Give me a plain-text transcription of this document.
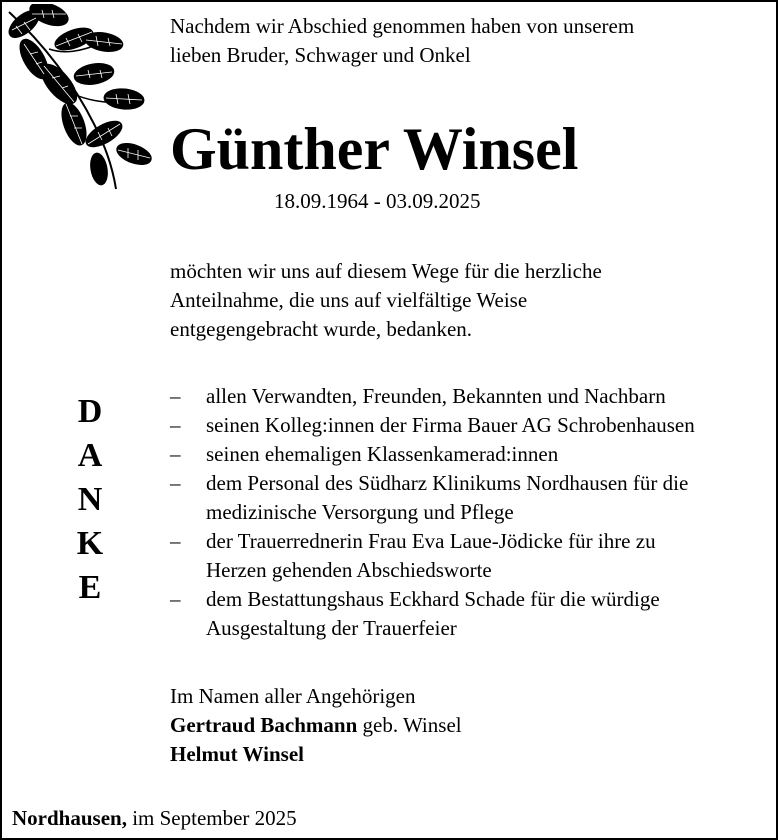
Nachdem wir Abschied genommen haben von unserem
lieben Bruder, Schwager und Onkel
Günther Winsel
18.09.1964 - 03.09.2025
möchten wir uns auf diesem Wege für die herzliche
Anteilnahme, die uns auf vielfältige Weise
entgegengebracht wurde, bedanken.
D
A
N
K
E
– allen Verwandten, Freunden, Bekannten und Nachbarn
– seinen Kolleg:innen der Firma Bauer AG Schrobenhausen
– seinen ehemaligen Klassenkamerad:innen
– dem Personal des Südharz Klinikums Nordhausen für die
medizinische Versorgung und Pflege
– der Trauerrednerin Frau Eva Laue-Jödicke für ihre zu
Herzen gehenden Abschiedsworte
– dem Bestattungshaus Eckhard Schade für die würdige
Ausgestaltung der Trauerfeier
Im Namen aller Angehörigen
Gertraud Bachmann geb. Winsel
Helmut Winsel
Nordhausen, im September 2025
